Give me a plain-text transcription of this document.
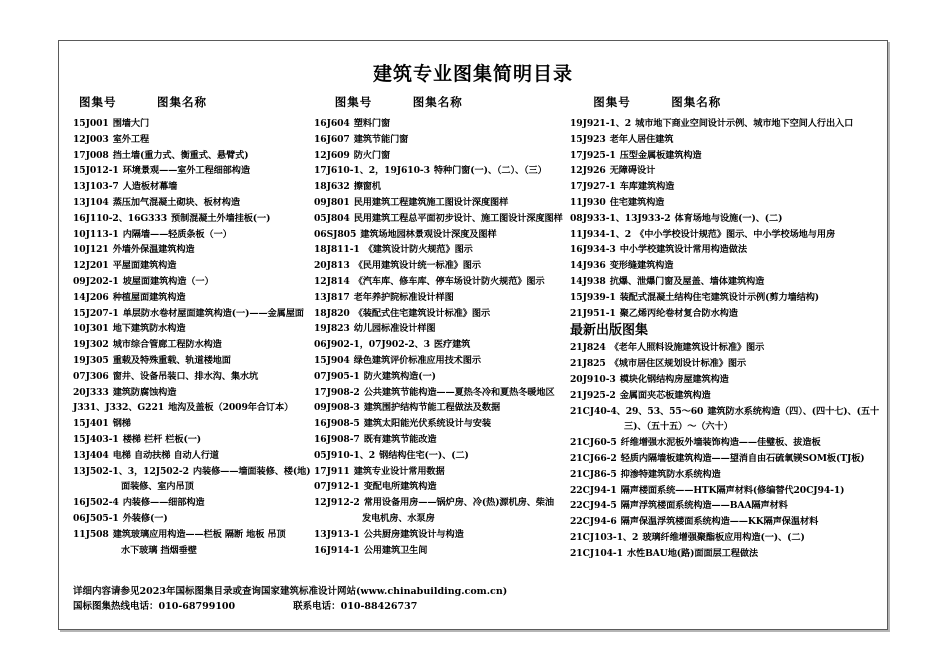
建筑专业图集简明目录
图集号	图集名称	图集号	图集名称	图集号	图集名称
15J001 围墙大门
12J003 室外工程
17J008 挡土墙(重力式、衡重式、悬臂式)
15J012-1 环境景观——室外工程细部构造
13J103-7 人造板材幕墙
13J104 蒸压加气混凝土砌块、板材构造
16J110-2、16G333 预制混凝土外墙挂板(一)
10J113-1 内隔墙——轻质条板（一）
10J121 外墙外保温建筑构造
12J201 平屋面建筑构造
09J202-1 坡屋面建筑构造（一）
14J206 种植屋面建筑构造
15J207-1 单层防水卷材屋面建筑构造(一)——金属屋面
10J301 地下建筑防水构造
19J302 城市综合管廊工程防水构造
19J305 重载及特殊重载、轨道楼地面
07J306 窗井、设备吊装口、排水沟、集水坑
20J333 建筑防腐蚀构造
J331、J332、G221 地沟及盖板（2009年合订本）
15J401 钢梯
15J403-1 楼梯 栏杆 栏板(一)
13J404 电梯 自动扶梯 自动人行道
13J502-1、3，12J502-2 内装修——墙面装修、楼(地)
面装修、室内吊顶
16J502-4 内装修——细部构造
06J505-1 外装修(一)
11J508 建筑玻璃应用构造——栏板 隔断 地板 吊顶
水下玻璃 挡烟垂壁
16J604 塑料门窗
16J607 建筑节能门窗
12J609 防火门窗
17J610-1、2，19J610-3 特种门窗(一)、（二）、（三）
18J632 擦窗机
09J801 民用建筑工程建筑施工图设计深度图样
05J804 民用建筑工程总平面初步设计、施工图设计深度图样
06SJ805 建筑场地园林景观设计深度及图样
18J811-1 《建筑设计防火规范》图示
20J813 《民用建筑设计统一标准》图示
12J814 《汽车库、修车库、停车场设计防火规范》图示
13J817 老年养护院标准设计样图
18J820 《装配式住宅建筑设计标准》图示
19J823 幼儿园标准设计样图
06J902-1，07J902-2、3 医疗建筑
15J904 绿色建筑评价标准应用技术图示
07J905-1 防火建筑构造(一)
17J908-2 公共建筑节能构造——夏热冬冷和夏热冬暖地区
09J908-3 建筑围护结构节能工程做法及数据
16J908-5 建筑太阳能光伏系统设计与安装
16J908-7 既有建筑节能改造
05J910-1、2 钢结构住宅(一)、(二)
17J911 建筑专业设计常用数据
07J912-1 变配电所建筑构造
12J912-2 常用设备用房——锅炉房、冷(热)源机房、柴油
发电机房、水泵房
13J913-1 公共厨房建筑设计与构造
16J914-1 公用建筑卫生间
19J921-1、2 城市地下商业空间设计示例、城市地下空间人行出入口
15J923 老年人居住建筑
17J925-1 压型金属板建筑构造
12J926 无障碍设计
17J927-1 车库建筑构造
11J930 住宅建筑构造
08J933-1、13J933-2 体育场地与设施(一)、(二)
11J934-1、2 《中小学校设计规范》图示、中小学校场地与用房
16J934-3 中小学校建筑设计常用构造做法
14J936 变形缝建筑构造
14J938 抗爆、泄爆门窗及屋盖、墙体建筑构造
15J939-1 装配式混凝土结构住宅建筑设计示例(剪力墙结构)
21J951-1 聚乙烯丙纶卷材复合防水构造
最新出版图集
21J824 《老年人照料设施建筑设计标准》图示
21J825 《城市居住区规划设计标准》图示
20J910-3 模块化钢结构房屋建筑构造
21J925-2 金属面夹芯板建筑构造
21CJ40-4、29、53、55～60 建筑防水系统构造（四）、(四十七)、(五十
三)、（五十五）～（六十）
21CJ60-5 纤维增强水泥板外墙装饰构造——佳璧板、拔造板
21CJ66-2 轻质内隔墙板建筑构造——望消自由石硫氧镁SOM板(TJ板)
21CJ86-5 抑渗特建筑防水系统构造
22CJ94-1 隔声楼面系统——HTK隔声材料(修编替代20CJ94-1)
22CJ94-5 隔声浮筑楼面系统构造——BAA隔声材料
22CJ94-6 隔声保温浮筑楼面系统构造——KK隔声保温材料
21CJ103-1、2 玻璃纤维增强聚酯板应用构造(一)、(二)
21CJ104-1 水性BAU地(路)面面层工程做法
详细内容请参见2023年国标图集目录或查询国家建筑标准设计网站(www.chinabuilding.com.cn)
国标图集热线电话：010-68799100	联系电话：010-88426737
